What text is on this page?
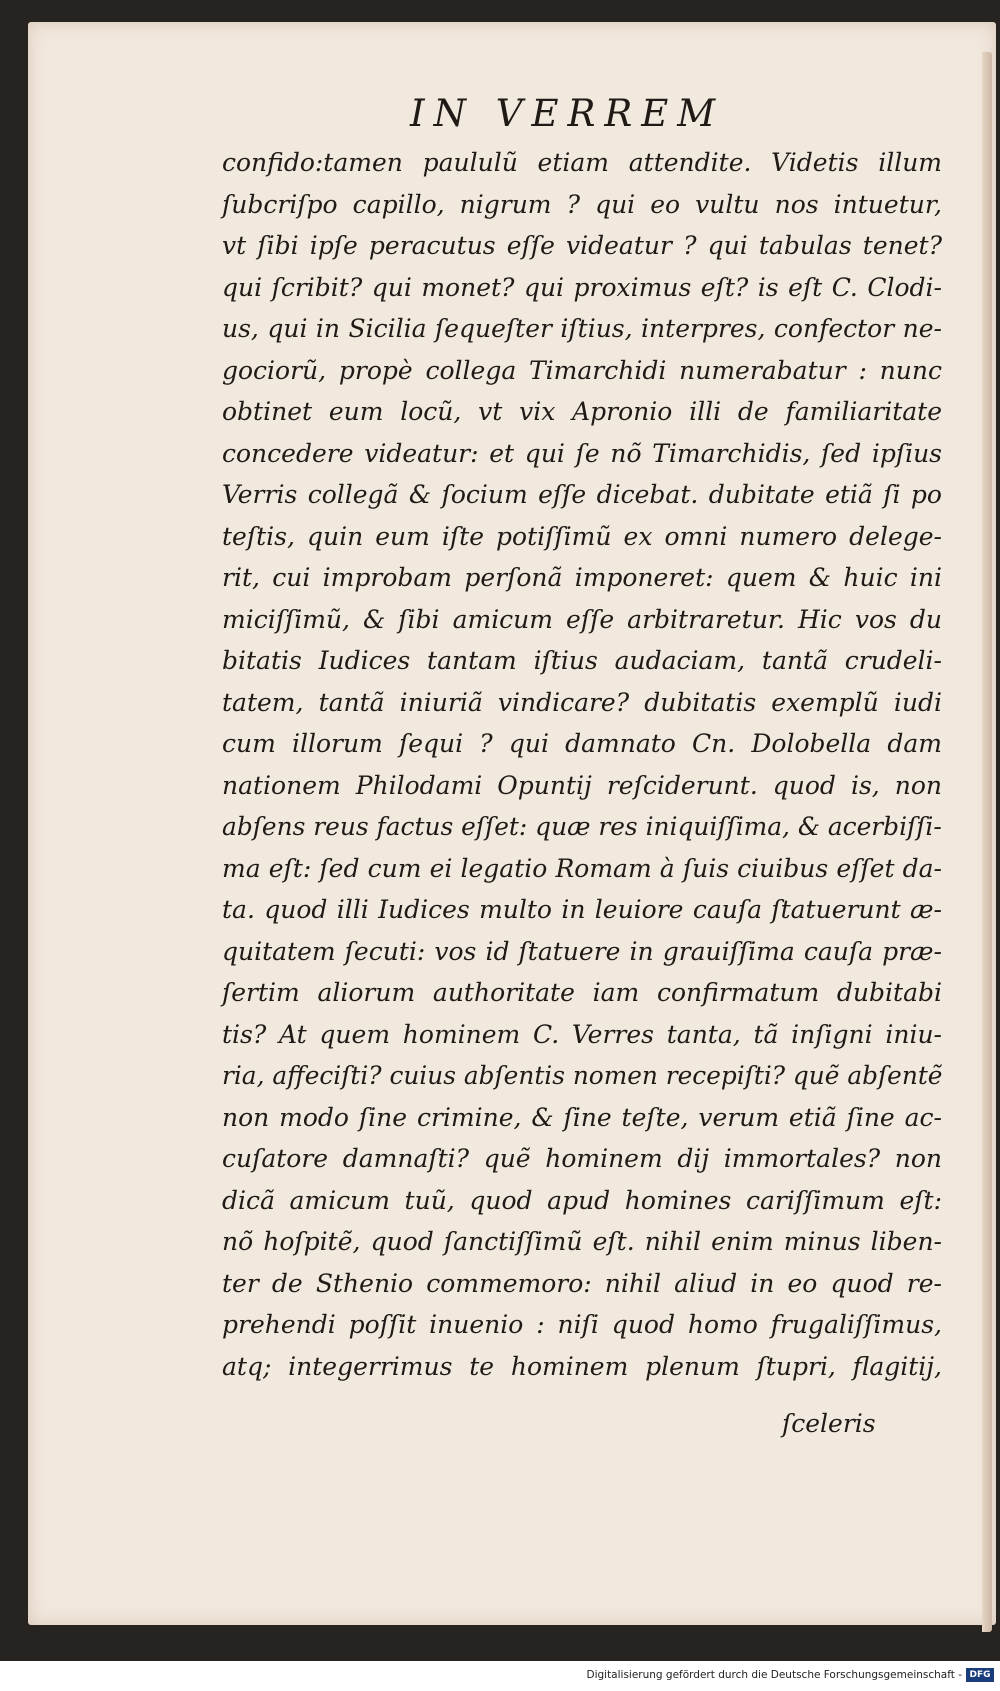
IN VERREM
confido:tamen paululũ etiam attendite. Videtis illum
ſubcriſpo capillo, nigrum ? qui eo vultu nos intuetur,
vt ſibi ipſe peracutus eſſe videatur ? qui tabulas tenet?
qui ſcribit? qui monet? qui proximus eſt? is eſt C. Clodi-
us, qui in Sicilia ſequeſter iſtius, interpres, confector ne-
gociorũ, propè collega Timarchidi numerabatur : nunc
obtinet eum locũ, vt vix Apronio illi de familiaritate
concedere videatur: et qui ſe nõ Timarchidis, ſed ipſius
Verris collegã & ſocium eſſe dicebat. dubitate etiã ſi po
teſtis, quin eum iſte potiſſimũ ex omni numero delege-
rit, cui improbam perſonã imponeret: quem & huic ini
miciſſimũ, & ſibi amicum eſſe arbitraretur. Hic vos du
bitatis Iudices tantam iſtius audaciam, tantã crudeli-
tatem, tantã iniuriã vindicare? dubitatis exemplũ iudi
cum illorum ſequi ? qui damnato Cn. Dolobella dam
nationem Philodami Opuntij reſciderunt. quod is, non
abſens reus factus eſſet: quæ res iniquiſſima, & acerbiſſi-
ma eſt: ſed cum ei legatio Romam à ſuis ciuibus eſſet da-
ta. quod illi Iudices multo in leuiore cauſa ſtatuerunt æ-
quitatem ſecuti: vos id ſtatuere in grauiſſima cauſa præ-
ſertim aliorum authoritate iam confirmatum dubitabi
tis? At quem hominem C. Verres tanta, tã inſigni iniu-
ria, affeciſti? cuius abſentis nomen recepiſti? quẽ abſentẽ
non modo ſine crimine, & ſine teſte, verum etiã ſine ac-
cuſatore damnaſti? quẽ hominem dij immortales? non
dicã amicum tuũ, quod apud homines cariſſimum eſt:
nõ hoſpitẽ, quod ſanctiſſimũ eſt. nihil enim minus liben-
ter de Sthenio commemoro: nihil aliud in eo quod re-
prehendi poſſit inuenio : niſi quod homo frugaliſſimus,
atq; integerrimus te hominem plenum ſtupri, flagitij,
ſceleris
Digitalisierung gefördert durch die Deutsche Forschungsgemeinschaft - DFG
